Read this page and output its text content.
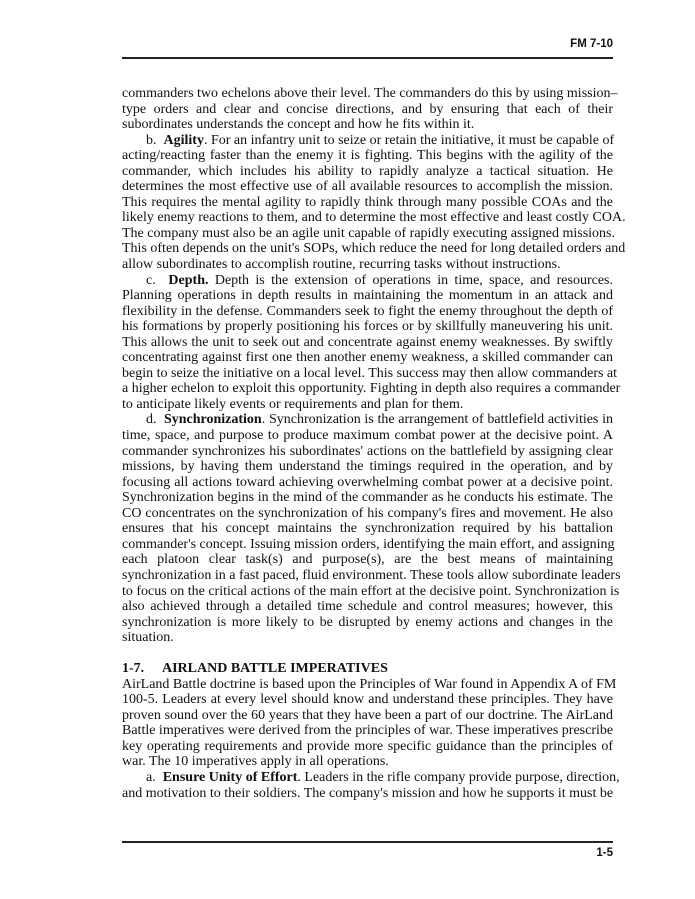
FM 7-10
commanders two echelons above their level. The commanders do this by using mission–
type orders and clear and concise directions, and by ensuring that each of their
subordinates understands the concept and how he fits within it.
b. Agility. For an infantry unit to seize or retain the initiative, it must be capable of
acting/reacting faster than the enemy it is fighting. This begins with the agility of the
commander, which includes his ability to rapidly analyze a tactical situation. He
determines the most effective use of all available resources to accomplish the mission.
This requires the mental agility to rapidly think through many possible COAs and the
likely enemy reactions to them, and to determine the most effective and least costly COA.
The company must also be an agile unit capable of rapidly executing assigned missions.
This often depends on the unit's SOPs, which reduce the need for long detailed orders and
allow subordinates to accomplish routine, recurring tasks without instructions.
c. Depth. Depth is the extension of operations in time, space, and resources.
Planning operations in depth results in maintaining the momentum in an attack and
flexibility in the defense. Commanders seek to fight the enemy throughout the depth of
his formations by properly positioning his forces or by skillfully maneuvering his unit.
This allows the unit to seek out and concentrate against enemy weaknesses. By swiftly
concentrating against first one then another enemy weakness, a skilled commander can
begin to seize the initiative on a local level. This success may then allow commanders at
a higher echelon to exploit this opportunity. Fighting in depth also requires a commander
to anticipate likely events or requirements and plan for them.
d. Synchronization. Synchronization is the arrangement of battlefield activities in
time, space, and purpose to produce maximum combat power at the decisive point. A
commander synchronizes his subordinates' actions on the battlefield by assigning clear
missions, by having them understand the timings required in the operation, and by
focusing all actions toward achieving overwhelming combat power at a decisive point.
Synchronization begins in the mind of the commander as he conducts his estimate. The
CO concentrates on the synchronization of his company's fires and movement. He also
ensures that his concept maintains the synchronization required by his battalion
commander's concept. Issuing mission orders, identifying the main effort, and assigning
each platoon clear task(s) and purpose(s), are the best means of maintaining
synchronization in a fast paced, fluid environment. These tools allow subordinate leaders
to focus on the critical actions of the main effort at the decisive point. Synchronization is
also achieved through a detailed time schedule and control measures; however, this
synchronization is more likely to be disrupted by enemy actions and changes in the
situation.
1-7. AIRLAND BATTLE IMPERATIVES
AirLand Battle doctrine is based upon the Principles of War found in Appendix A of FM
100-5. Leaders at every level should know and understand these principles. They have
proven sound over the 60 years that they have been a part of our doctrine. The AirLand
Battle imperatives were derived from the principles of war. These imperatives prescribe
key operating requirements and provide more specific guidance than the principles of
war. The 10 imperatives apply in all operations.
a. Ensure Unity of Effort. Leaders in the rifle company provide purpose, direction,
and motivation to their soldiers. The company's mission and how he supports it must be
1-5
